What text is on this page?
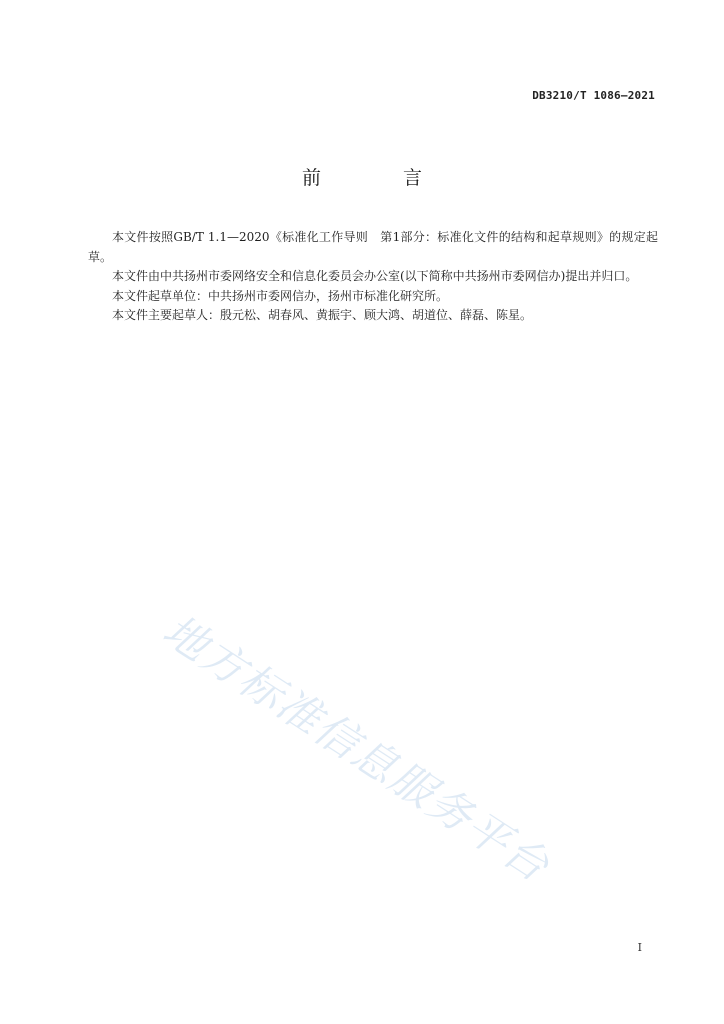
DB3210/T 1086—2021
前 言

本文件按照GB/T 1.1—2020《标准化工作导则　第1部分：标准化文件的结构和起草规则》的规定起草。

本文件由中共扬州市委网络安全和信息化委员会办公室(以下简称中共扬州市委网信办)提出并归口。

本文件起草单位：中共扬州市委网信办，扬州市标准化研究所。

本文件主要起草人：殷元松、胡春风、黄振宇、顾大鸿、胡道位、薛磊、陈星。

地方标准信息服务平台
I
